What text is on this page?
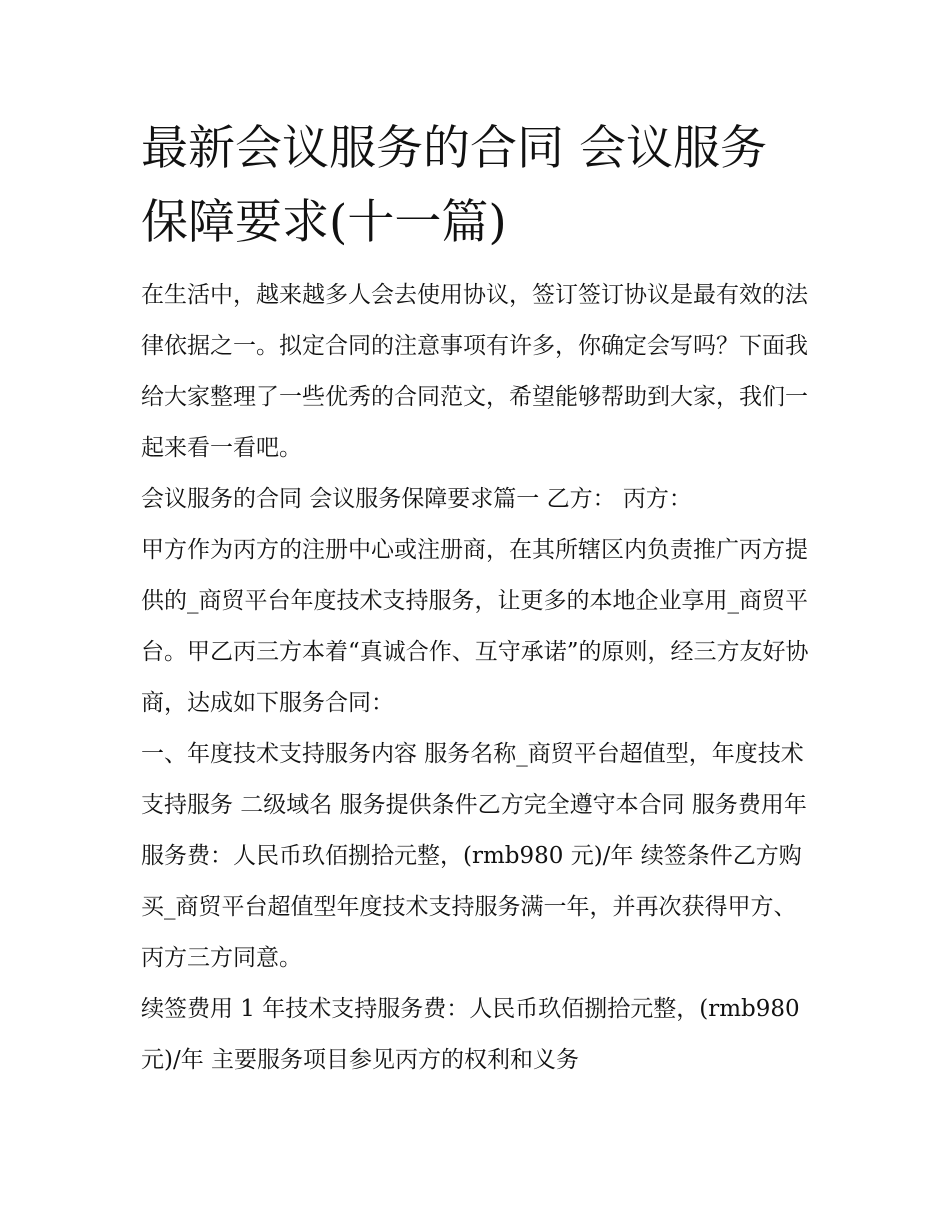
最新会议服务的合同 会议服务
保障要求(十一篇)

在生活中，越来越多人会去使用协议，签订签订协议是最有效的法律依据之一。拟定合同的注意事项有许多，你确定会写吗？下面我给大家整理了一些优秀的合同范文，希望能够帮助到大家，我们一起来看一看吧。

会议服务的合同 会议服务保障要求篇一 乙方： 丙方：

甲方作为丙方的注册中心或注册商，在其所辖区内负责推广丙方提供的_商贸平台年度技术支持服务，让更多的本地企业享用_商贸平台。甲乙丙三方本着“真诚合作、互守承诺”的原则，经三方友好协商，达成如下服务合同：

一、年度技术支持服务内容 服务名称_商贸平台超值型，年度技术支持服务 二级域名 服务提供条件乙方完全遵守本合同 服务费用年服务费：人民币玖佰捌拾元整，(rmb980 元)/年 续签条件乙方购买_商贸平台超值型年度技术支持服务满一年，并再次获得甲方、丙方三方同意。

续签费用 1 年技术支持服务费：人民币玖佰捌拾元整，(rmb980 元)/年 主要服务项目参见丙方的权利和义务
